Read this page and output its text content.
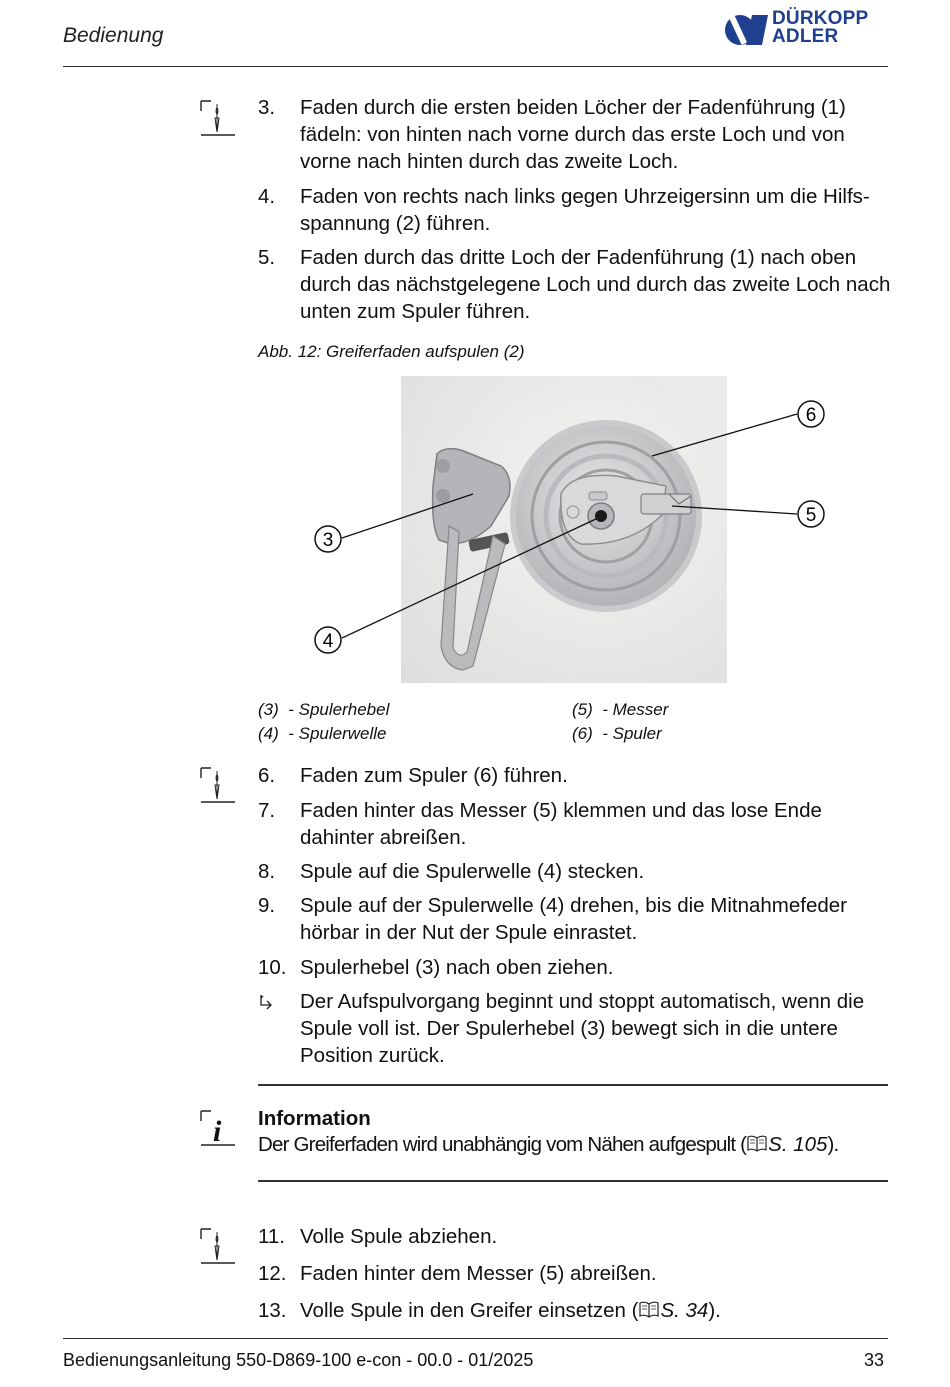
Bedienung
DÜRKOPP
ADLER
3. Faden durch die ersten beiden Löcher der Fadenführung (1) fädeln: von hinten nach vorne durch das erste Loch und von vorne nach hinten durch das zweite Loch.
4. Faden von rechts nach links gegen Uhrzeigersinn um die Hilfsspannung (2) führen.
5. Faden durch das dritte Loch der Fadenführung (1) nach oben durch das nächstgelegene Loch und durch das zweite Loch nach unten zum Spuler führen.
Abb. 12: Greiferfaden aufspulen (2)
6
5
3
4
(3) - Spulerhebel
(4) - Spulerwelle
(5) - Messer
(6) - Spuler
6. Faden zum Spuler (6) führen.
7. Faden hinter das Messer (5) klemmen und das lose Ende dahinter abreißen.
8. Spule auf die Spulerwelle (4) stecken.
9. Spule auf der Spulerwelle (4) drehen, bis die Mitnahmefeder hörbar in der Nut der Spule einrastet.
10. Spulerhebel (3) nach oben ziehen.
Der Aufspulvorgang beginnt und stoppt automatisch, wenn die Spule voll ist. Der Spulerhebel (3) bewegt sich in die untere Position zurück.
i Information
Der Greiferfaden wird unabhängig vom Nähen aufgespult ( S. 105).
11. Volle Spule abziehen.
12. Faden hinter dem Messer (5) abreißen.
13. Volle Spule in den Greifer einsetzen ( S. 34).
Bedienungsanleitung 550-D869-100 e-con - 00.0 - 01/2025	33
